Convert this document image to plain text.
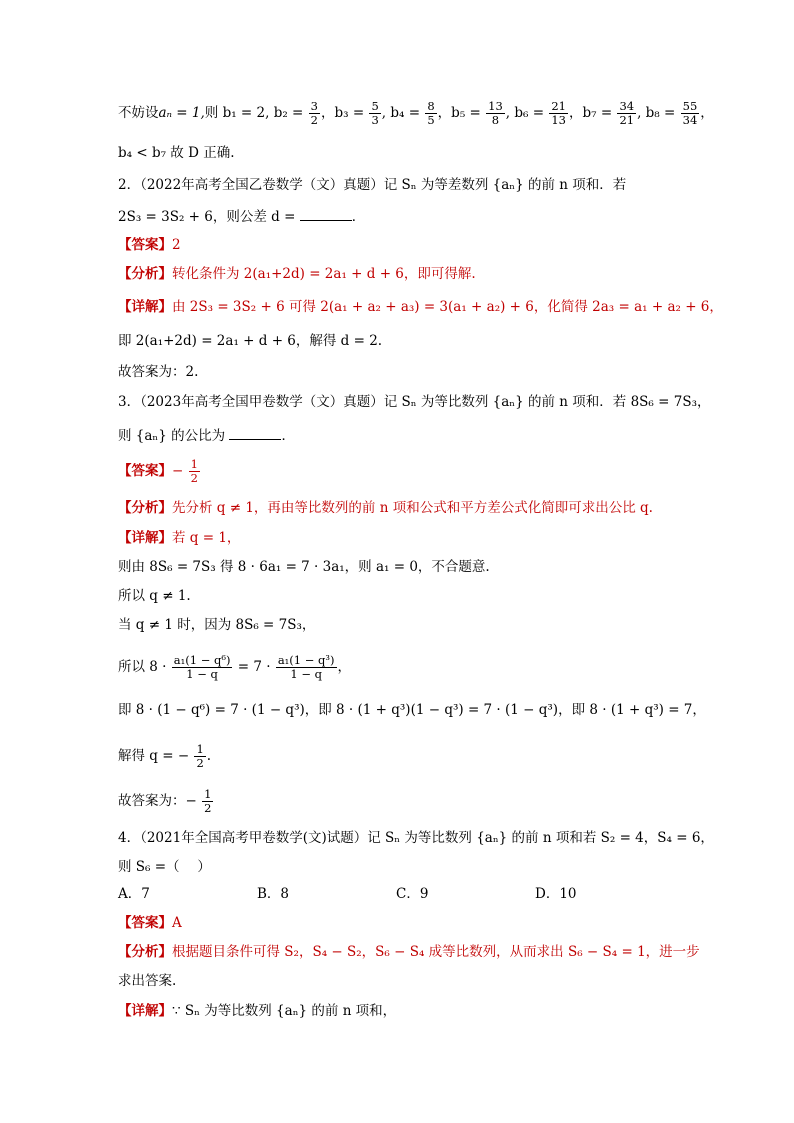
不妨设aₙ = 1,则 b₁ = 2, $b_2 = \frac{3}{2}$ ，$b_3 = \frac{5}{3}$ , $b_4 = \frac{8}{5}$ ，$b_5 = \frac{13}{8}$ , $b_6 = \frac{21}{13}$ ，$b_7 = \frac{34}{21}$ , $b_8 = \frac{55}{34}$ ，
b₄ < b₇ 故 D 正确.
2．（2022年高考全国乙卷数学（文）真题）记 Sₙ 为等差数列 {aₙ} 的前 n 项和．若
2S₃ = 3S₂ + 6，则公差 d =	．
【答案】2
【分析】转化条件为 2(a₁+2d) = 2a₁ + d + 6，即可得解.
【详解】由 2S₃ = 3S₂ + 6 可得 2(a₁ + a₂ + a₃) = 3(a₁ + a₂) + 6，化简得 2a₃ = a₁ + a₂ + 6，
即 2(a₁+2d) = 2a₁ + d + 6，解得 d = 2.
故答案为：2.
3．（2023年高考全国甲卷数学（文）真题）记 Sₙ 为等比数列 {aₙ} 的前 n 项和．若 8S₆ = 7S₃，
则 {aₙ} 的公比为	．
【答案】− $\frac{1}{2}$
【分析】先分析 q ≠ 1，再由等比数列的前 n 项和公式和平方差公式化简即可求出公比 q.
【详解】若 q = 1，
则由 8S₆ = 7S₃ 得 8 · 6a₁ = 7 · 3a₁，则 a₁ = 0，不合题意.
所以 q ≠ 1.
当 q ≠ 1 时，因为 8S₆ = 7S₃，
所以 $8 \cdot \frac{\text{a₁(1 − q⁶)}}{1 - q} = 7 \cdot \frac{\text{a₁(1 − q³)}}{1 - q}$ ，
即 8 · (1 − q⁶) = 7 · (1 − q³)，即 8 · (1 + q³)(1 − q³) = 7 · (1 − q³)，即 8 · (1 + q³) = 7，
解得 q = − $\frac{1}{2}$ .
故答案为：− $\frac{1}{2}$
4．（2021年全国高考甲卷数学(文)试题）记 Sₙ 为等比数列 {aₙ} 的前 n 项和若 S₂ = 4，S₄ = 6，
则 S₆ =（　 ）
A．7	B．8	C．9	D．10
【答案】A
【分析】根据题目条件可得 S₂，S₄ − S₂，S₆ − S₄ 成等比数列，从而求出 S₆ − S₄ = 1，进一步
求出答案.
【详解】∵ Sₙ 为等比数列 {aₙ} 的前 n 项和，
